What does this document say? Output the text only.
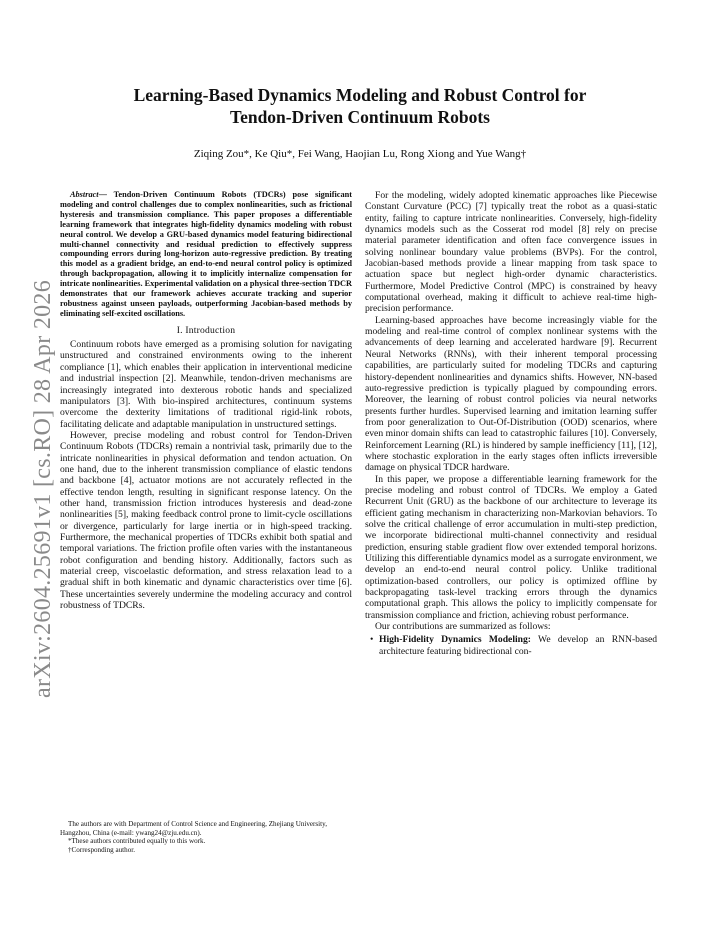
arXiv:2604.25691v1 [cs.RO] 28 Apr 2026
Learning-Based Dynamics Modeling and Robust Control for
Tendon-Driven Continuum Robots
Ziqing Zou*, Ke Qiu*, Fei Wang, Haojian Lu, Rong Xiong and Yue Wang†

Abstract— Tendon-Driven Continuum Robots (TDCRs) pose significant modeling and control challenges due to complex nonlinearities, such as frictional hysteresis and transmission compliance. This paper proposes a differentiable learning framework that integrates high-fidelity dynamics modeling with robust neural control. We develop a GRU-based dynamics model featuring bidirectional multi-channel connectivity and residual prediction to effectively suppress compounding errors during long-horizon auto-regressive prediction. By treating this model as a gradient bridge, an end-to-end neural control policy is optimized through backpropagation, allowing it to implicitly internalize compensation for intricate nonlinearities. Experimental validation on a physical three-section TDCR demonstrates that our framework achieves accurate tracking and superior robustness against unseen payloads, outperforming Jacobian-based methods by eliminating self-excited oscillations.

I. Introduction

Continuum robots have emerged as a promising solution for navigating unstructured and constrained environments owing to the inherent compliance [1], which enables their application in interventional medicine and industrial inspection [2]. Meanwhile, tendon-driven mechanisms are increasingly integrated into dexterous robotic hands and specialized manipulators [3]. With bio-inspired architectures, continuum systems overcome the dexterity limitations of traditional rigid-link robots, facilitating delicate and adaptable manipulation in unstructured settings.

However, precise modeling and robust control for Tendon-Driven Continuum Robots (TDCRs) remain a nontrivial task, primarily due to the intricate nonlinearities in physical deformation and tendon actuation. On one hand, due to the inherent transmission compliance of elastic tendons and backbone [4], actuator motions are not accurately reflected in the effective tendon length, resulting in significant response latency. On the other hand, transmission friction introduces hysteresis and dead-zone nonlinearities [5], making feedback control prone to limit-cycle oscillations or divergence, particularly for large inertia or in high-speed tracking. Furthermore, the mechanical properties of TDCRs exhibit both spatial and temporal variations. The friction profile often varies with the instantaneous robot configuration and bending history. Additionally, factors such as material creep, viscoelastic deformation, and stress relaxation lead to a gradual shift in both kinematic and dynamic characteristics over time [6]. These uncertainties severely undermine the modeling accuracy and control robustness of TDCRs.

The authors are with Department of Control Science and Engineering, Zhejiang University, Hangzhou, China (e-mail: ywang24@zju.edu.cn).
*These authors contributed equally to this work.
†Corresponding author.

For the modeling, widely adopted kinematic approaches like Piecewise Constant Curvature (PCC) [7] typically treat the robot as a quasi-static entity, failing to capture intricate nonlinearities. Conversely, high-fidelity dynamics models such as the Cosserat rod model [8] rely on precise material parameter identification and often face convergence issues in solving nonlinear boundary value problems (BVPs). For the control, Jacobian-based methods provide a linear mapping from task space to actuation space but neglect high-order dynamic characteristics. Furthermore, Model Predictive Control (MPC) is constrained by heavy computational overhead, making it difficult to achieve real-time high-precision performance.

Learning-based approaches have become increasingly viable for the modeling and real-time control of complex nonlinear systems with the advancements of deep learning and accelerated hardware [9]. Recurrent Neural Networks (RNNs), with their inherent temporal processing capabilities, are particularly suited for modeling TDCRs and capturing history-dependent nonlinearities and dynamics shifts. However, NN-based auto-regressive prediction is typically plagued by compounding errors. Moreover, the learning of robust control policies via neural networks presents further hurdles. Supervised learning and imitation learning suffer from poor generalization to Out-Of-Distribution (OOD) scenarios, where even minor domain shifts can lead to catastrophic failures [10]. Conversely, Reinforcement Learning (RL) is hindered by sample inefficiency [11], [12], where stochastic exploration in the early stages often inflicts irreversible damage on physical TDCR hardware.

In this paper, we propose a differentiable learning framework for the precise modeling and robust control of TDCRs. We employ a Gated Recurrent Unit (GRU) as the backbone of our architecture to leverage its efficient gating mechanism in characterizing non-Markovian behaviors. To solve the critical challenge of error accumulation in multi-step prediction, we incorporate bidirectional multi-channel connectivity and residual prediction, ensuring stable gradient flow over extended temporal horizons. Utilizing this differentiable dynamics model as a surrogate environment, we develop an end-to-end neural control policy. Unlike traditional optimization-based controllers, our policy is optimized offline by backpropagating task-level tracking errors through the dynamics computational graph. This allows the policy to implicitly compensate for transmission compliance and friction, achieving robust performance.

Our contributions are summarized as follows:

• High-Fidelity Dynamics Modeling: We develop an RNN-based architecture featuring bidirectional con-
